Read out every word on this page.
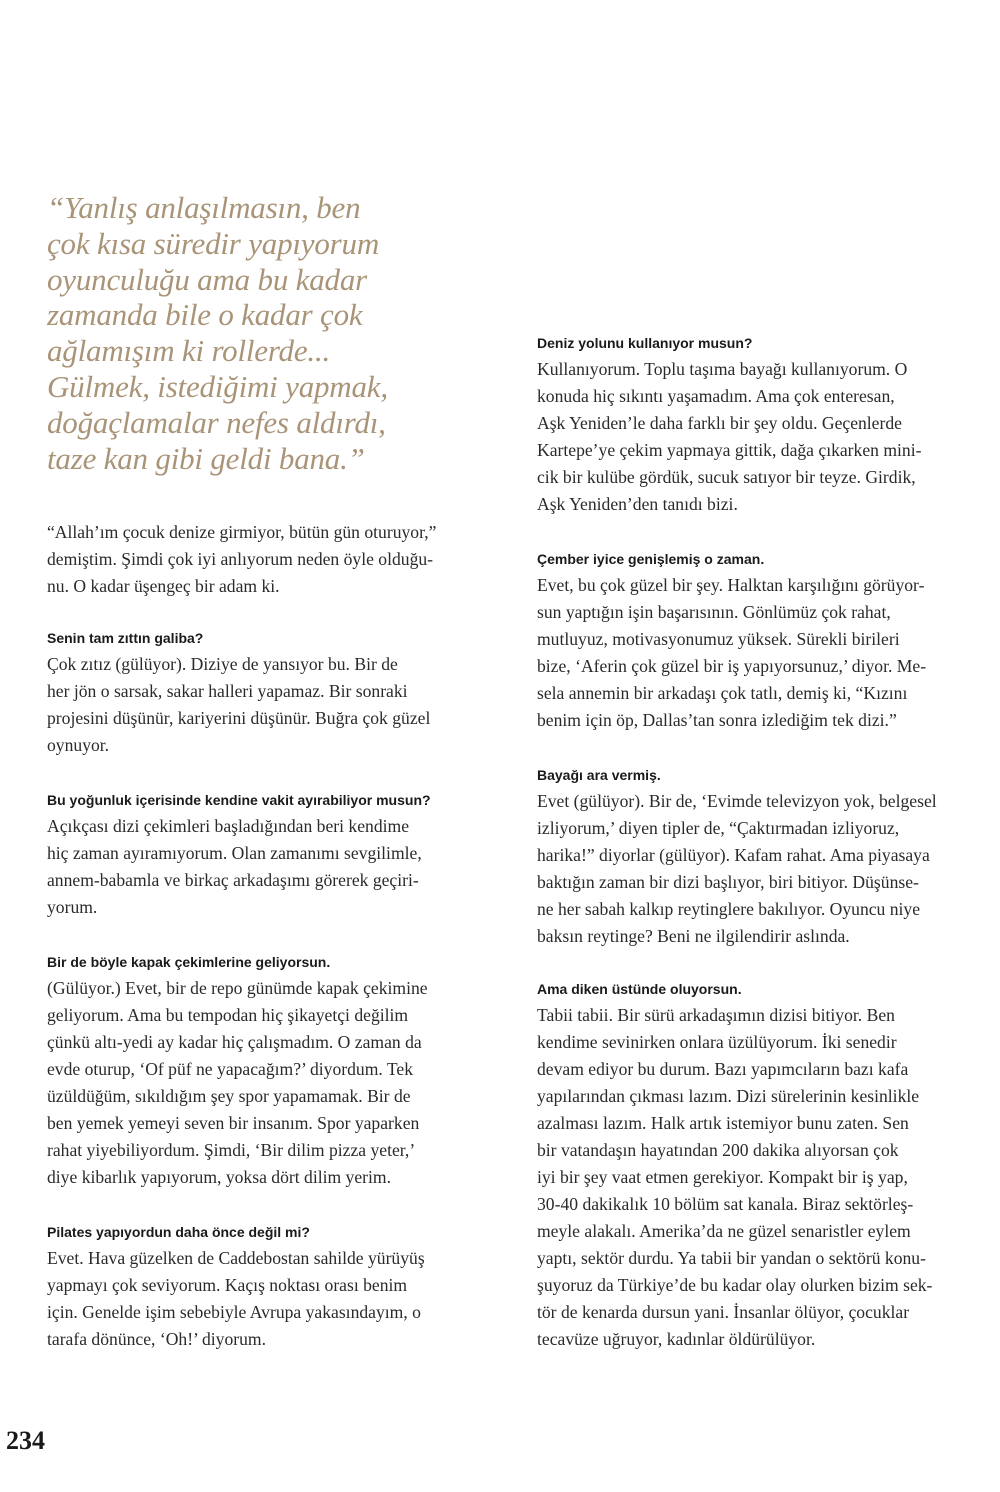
“Yanlış anlaşılmasın, ben
çok kısa süredir yapıyorum
oyunculuğu ama bu kadar
zamanda bile o kadar çok
ağlamışım ki rollerde...
Gülmek, istediğimi yapmak,
doğaçlamalar nefes aldırdı,
taze kan gibi geldi bana.”
“Allah’ım çocuk denize girmiyor, bütün gün oturuyor,”
demiştim. Şimdi çok iyi anlıyorum neden öyle olduğu-
nu. O kadar üşengeç bir adam ki.
Senin tam zıttın galiba?
Çok zıtız (gülüyor). Diziye de yansıyor bu. Bir de
her jön o sarsak, sakar halleri yapamaz. Bir sonraki
projesini düşünür, kariyerini düşünür. Buğra çok güzel
oynuyor.
Bu yoğunluk içerisinde kendine vakit ayırabiliyor musun?
Açıkçası dizi çekimleri başladığından beri kendime
hiç zaman ayıramıyorum. Olan zamanımı sevgilimle,
annem-babamla ve birkaç arkadaşımı görerek geçiri-
yorum.
Bir de böyle kapak çekimlerine geliyorsun.
(Gülüyor.) Evet, bir de repo günümde kapak çekimine
geliyorum. Ama bu tempodan hiç şikayetçi değilim
çünkü altı-yedi ay kadar hiç çalışmadım. O zaman da
evde oturup, ‘Of püf ne yapacağım?’ diyordum. Tek
üzüldüğüm, sıkıldığım şey spor yapamamak. Bir de
ben yemek yemeyi seven bir insanım. Spor yaparken
rahat yiyebiliyordum. Şimdi, ‘Bir dilim pizza yeter,’
diye kibarlık yapıyorum, yoksa dört dilim yerim.
Pilates yapıyordun daha önce değil mi?
Evet. Hava güzelken de Caddebostan sahilde yürüyüş
yapmayı çok seviyorum. Kaçış noktası orası benim
için. Genelde işim sebebiyle Avrupa yakasındayım, o
tarafa dönünce, ‘Oh!’ diyorum.
Deniz yolunu kullanıyor musun?
Kullanıyorum. Toplu taşıma bayağı kullanıyorum. O
konuda hiç sıkıntı yaşamadım. Ama çok enteresan,
Aşk Yeniden’le daha farklı bir şey oldu. Geçenlerde
Kartepe’ye çekim yapmaya gittik, dağa çıkarken mini-
cik bir kulübe gördük, sucuk satıyor bir teyze. Girdik,
Aşk Yeniden’den tanıdı bizi.
Çember iyice genişlemiş o zaman.
Evet, bu çok güzel bir şey. Halktan karşılığını görüyor-
sun yaptığın işin başarısının. Gönlümüz çok rahat,
mutluyuz, motivasyonumuz yüksek. Sürekli birileri
bize, ‘Aferin çok güzel bir iş yapıyorsunuz,’ diyor. Me-
sela annemin bir arkadaşı çok tatlı, demiş ki, “Kızını
benim için öp, Dallas’tan sonra izlediğim tek dizi.”
Bayağı ara vermiş.
Evet (gülüyor). Bir de, ‘Evimde televizyon yok, belgesel
izliyorum,’ diyen tipler de, “Çaktırmadan izliyoruz,
harika!” diyorlar (gülüyor). Kafam rahat. Ama piyasaya
baktığın zaman bir dizi başlıyor, biri bitiyor. Düşünse-
ne her sabah kalkıp reytinglere bakılıyor. Oyuncu niye
baksın reytinge? Beni ne ilgilendirir aslında.
Ama diken üstünde oluyorsun.
Tabii tabii. Bir sürü arkadaşımın dizisi bitiyor. Ben
kendime sevinirken onlara üzülüyorum. İki senedir
devam ediyor bu durum. Bazı yapımcıların bazı kafa
yapılarından çıkması lazım. Dizi sürelerinin kesinlikle
azalması lazım. Halk artık istemiyor bunu zaten. Sen
bir vatandaşın hayatından 200 dakika alıyorsan çok
iyi bir şey vaat etmen gerekiyor. Kompakt bir iş yap,
30-40 dakikalık 10 bölüm sat kanala. Biraz sektörleş-
meyle alakalı. Amerika’da ne güzel senaristler eylem
yaptı, sektör durdu. Ya tabii bir yandan o sektörü konu-
şuyoruz da Türkiye’de bu kadar olay olurken bizim sek-
tör de kenarda dursun yani. İnsanlar ölüyor, çocuklar
tecavüze uğruyor, kadınlar öldürülüyor.
234
